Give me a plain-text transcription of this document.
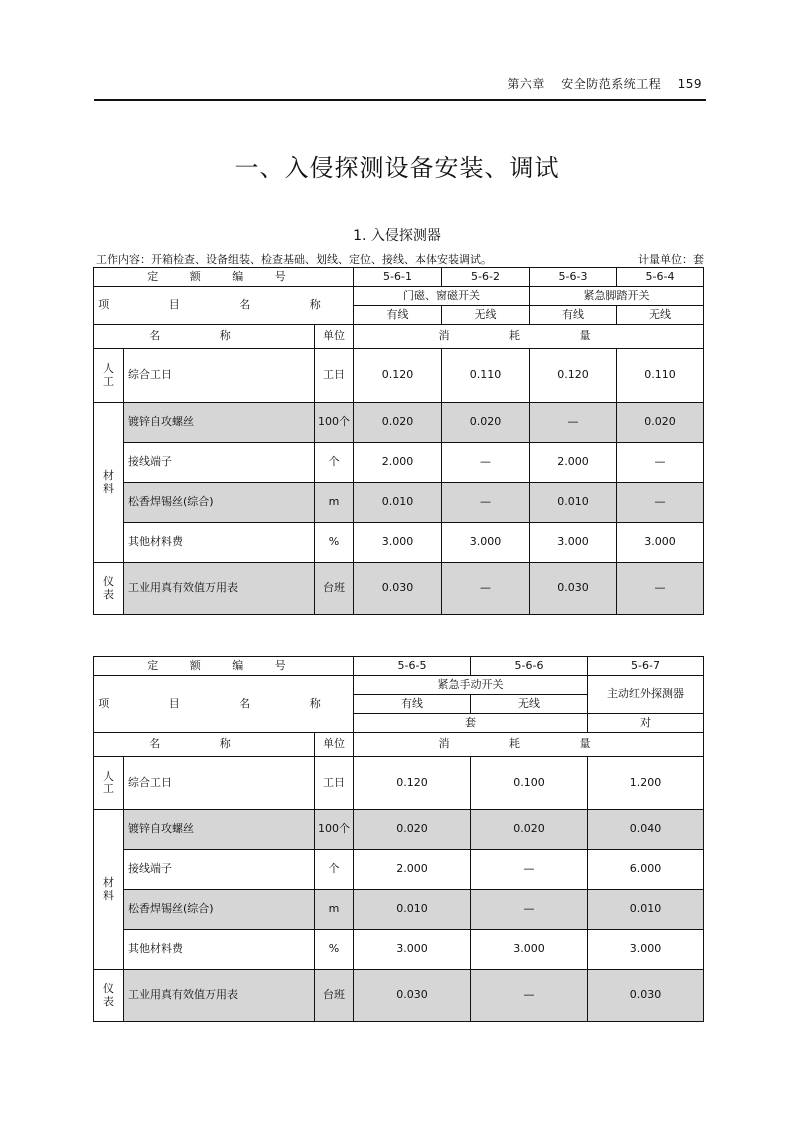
第六章 安全防范系统工程 159
一、入侵探测设备安装、调试
1. 入侵探测器
工作内容：开箱检查、设备组装、检查基础、划线、定位、接线、本体安装调试。	计量单位：套
定 额 编 号			5-6-1	5-6-2	5-6-3	5-6-4
项 目 名 称			门磁、窗磁开关		紧急脚踏开关	
			有线	无线	有线	无线
名 称		单位	消 耗 量			
人
工	综合工日	工日	0.120	0.110	0.120	0.110
材
料	镀锌自攻螺丝	100个	0.020	0.020	—	0.020
	接线端子	个	2.000	—	2.000	—
	松香焊锡丝(综合)	m	0.010	—	0.010	—
	其他材料费	%	3.000	3.000	3.000	3.000
仪
表	工业用真有效值万用表	台班	0.030	—	0.030	—
定 额 编 号			5-6-5	5-6-6	5-6-7
项 目 名 称			紧急手动开关		主动红外探测器
			有线	无线	
			套		对
名 称		单位	消 耗 量		
人
工	综合工日	工日	0.120	0.100	1.200
材
料	镀锌自攻螺丝	100个	0.020	0.020	0.040
	接线端子	个	2.000	—	6.000
	松香焊锡丝(综合)	m	0.010	—	0.010
	其他材料费	%	3.000	3.000	3.000
仪
表	工业用真有效值万用表	台班	0.030	—	0.030
